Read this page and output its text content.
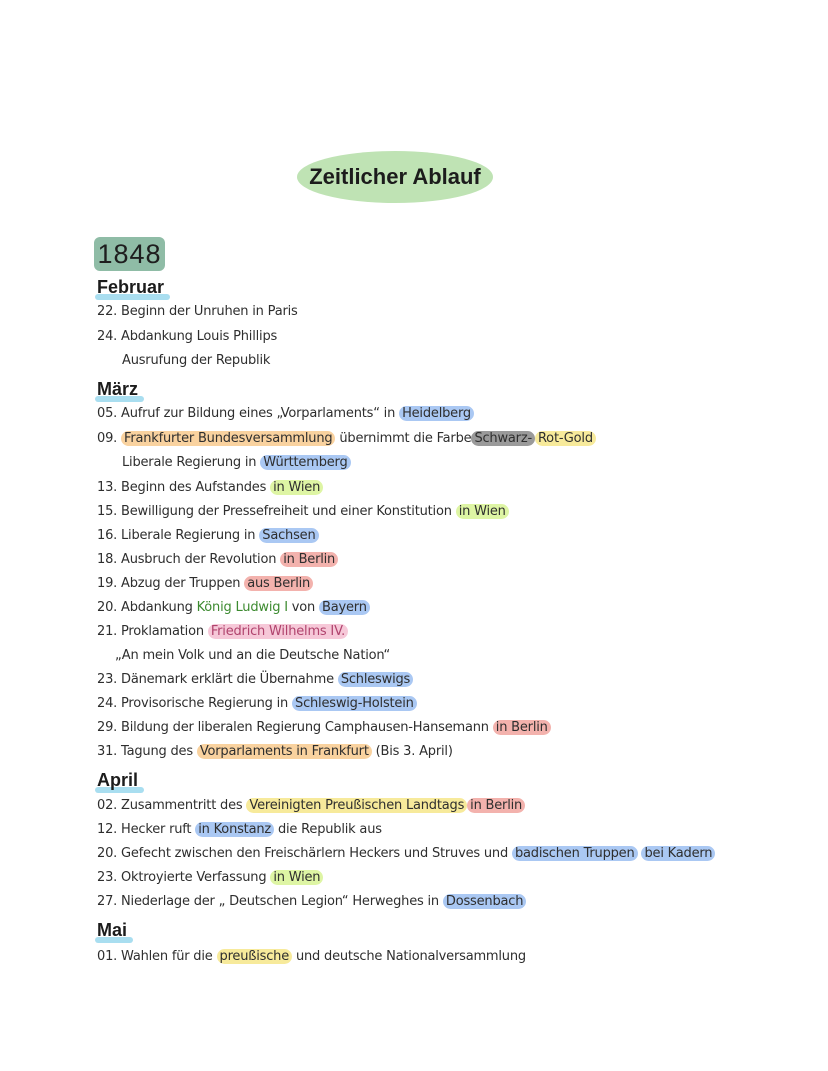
Zeitlicher Ablauf
1848
Februar
22. Beginn der Unruhen in Paris
24. Abdankung Louis Phillips
Ausrufung der Republik
März
05. Aufruf zur Bildung eines „Vorparlaments“ in Heidelberg
09. Frankfurter Bundesversammlung übernimmt die Farbe Schwarz- Rot-Gold
Liberale Regierung in Württemberg
13. Beginn des Aufstandes in Wien
15. Bewilligung der Pressefreiheit und einer Konstitution in Wien
16. Liberale Regierung in Sachsen
18. Ausbruch der Revolution in Berlin
19. Abzug der Truppen aus Berlin
20. Abdankung König Ludwig I von Bayern
21. Proklamation Friedrich Wilhelms IV.
„An mein Volk und an die Deutsche Nation“
23. Dänemark erklärt die Übernahme Schleswigs
24. Provisorische Regierung in Schleswig-Holstein
29. Bildung der liberalen Regierung Camphausen-Hansemann in Berlin
31. Tagung des Vorparlaments in Frankfurt (Bis 3. April)
April
02. Zusammentritt des Vereinigten Preußischen Landtags in Berlin
12. Hecker ruft in Konstanz die Republik aus
20. Gefecht zwischen den Freischärlern Heckers und Struves und badischen Truppen bei Kadern
23. Oktroyierte Verfassung in Wien
27. Niederlage der „ Deutschen Legion“ Herweghes in Dossenbach
Mai
01. Wahlen für die preußische und deutsche Nationalversammlung
